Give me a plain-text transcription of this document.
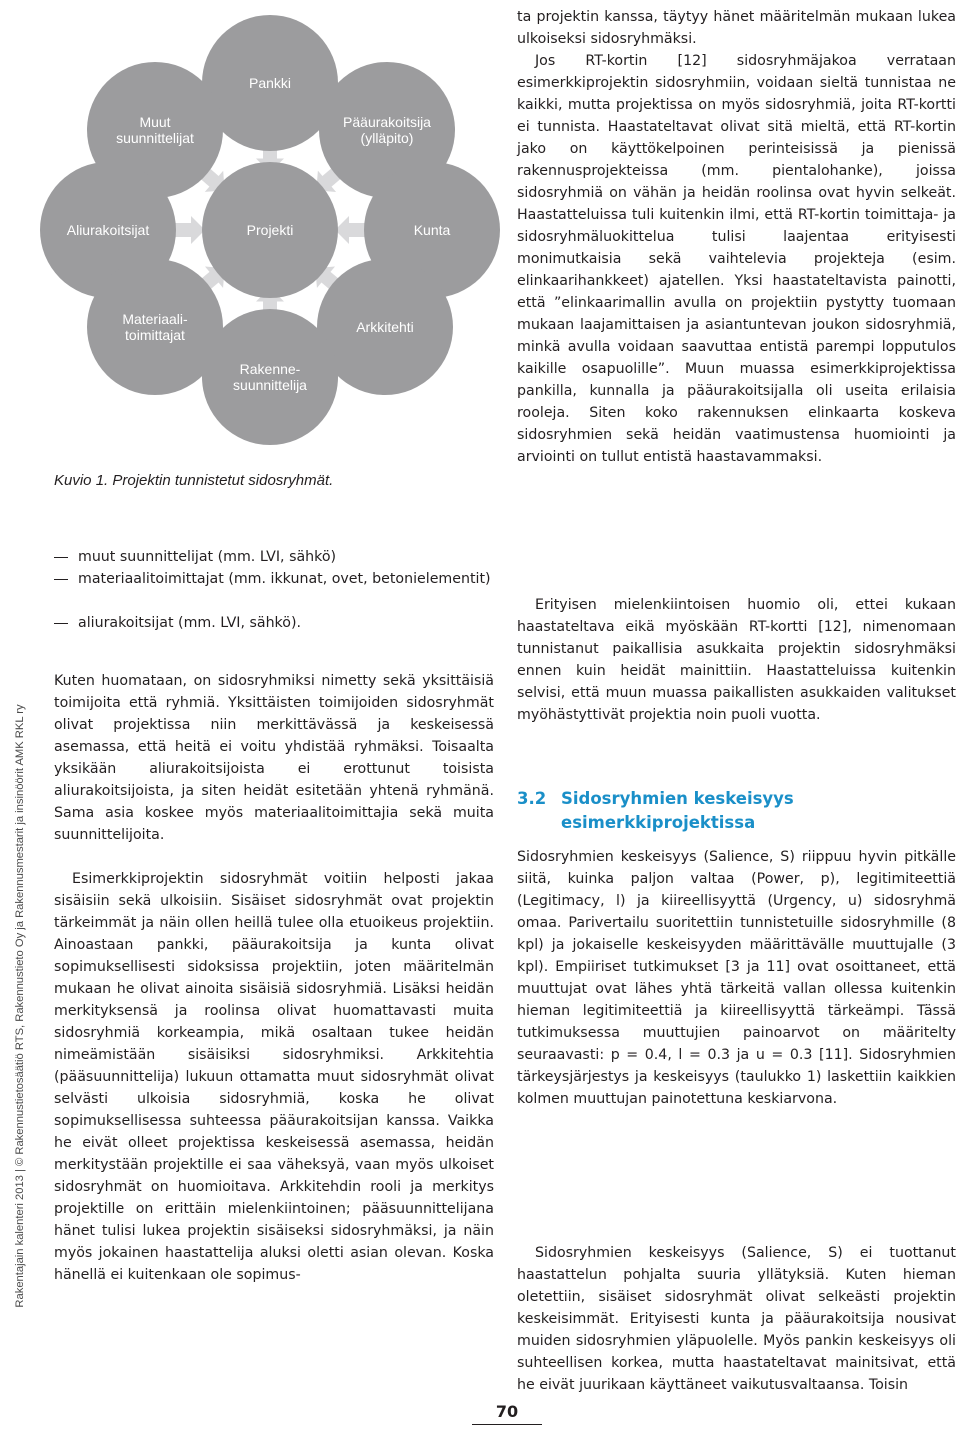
Rakentajain kalenteri 2013 | © Rakennustietosäätiö RTS, Rakennustieto Oy ja Rakennusmestarit ja insinöörit AMK RKL ry
Pankki
Muut
suunnittelijat
Pääurakoitsija
(ylläpito)
Aliurakoitsijat	Projekti	Kunta
Materiaali-
toimittajat	Arkkitehti
Rakenne-
suunnittelija
Kuvio 1. Projektin tunnistetut sidosryhmät.

muut suunnittelijat (mm. LVI, sähkö)

materiaalitoimittajat (mm. ikkunat, ovet, betonielementit)

aliurakoitsijat (mm. LVI, sähkö).

Kuten huomataan, on sidosryhmiksi nimetty sekä yksittäisiä toimijoita että ryhmiä. Yksittäisten toimijoiden sidosryhmät olivat projektissa niin merkittävässä ja keskeisessä asemassa, että heitä ei voitu yhdistää ryhmäksi. Toisaalta yksikään aliurakoitsijoista ei erottunut toisista aliurakoitsijoista, ja siten heidät esitetään yhtenä ryhmänä. Sama asia koskee myös materiaalitoimittajia sekä muita suunnittelijoita.

Esimerkkiprojektin sidosryhmät voitiin helposti jakaa sisäisiin sekä ulkoisiin. Sisäiset sidosryhmät ovat projektin tärkeimmät ja näin ollen heillä tulee olla etuoikeus projektiin. Ainoastaan pankki, pääurakoitsija ja kunta olivat sopimuksellisesti sidoksissa projektiin, joten määritelmän mukaan he olivat ainoita sisäisiä sidosryhmiä. Lisäksi heidän merkityksensä ja roolinsa olivat huomattavasti muita sidosryhmiä korkeampia, mikä osaltaan tukee heidän nimeämistään sisäisiksi sidosryhmiksi. Arkkitehtia (pääsuunnittelija) lukuun ottamatta muut sidosryhmät olivat selvästi ulkoisia sidosryhmiä, koska he olivat sopimuksellisessa suhteessa pääurakoitsijan kanssa. Vaikka he eivät olleet projektissa keskeisessä asemassa, heidän merkitystään projektille ei saa väheksyä, vaan myös ulkoiset sidosryhmät on huomioitava. Arkkitehdin rooli ja merkitys projektille on erittäin mielenkiintoinen; pääsuunnittelijana hänet tulisi lukea projektin sisäiseksi sidosryhmäksi, ja näin myös jokainen haastattelija aluksi oletti asian olevan. Koska hänellä ei kuitenkaan ole sopimus-

ta projektin kanssa, täytyy hänet määritelmän mukaan lukea ulkoiseksi sidosryhmäksi.

Jos RT-kortin [12] sidosryhmäjakoa verrataan esimerkkiprojektin sidosryhmiin, voidaan sieltä tunnistaa ne kaikki, mutta projektissa on myös sidosryhmiä, joita RT-kortti ei tunnista. Haastateltavat olivat sitä mieltä, että RT-kortin jako on käyttökelpoinen perinteisissä ja pienissä rakennusprojekteissa (mm. pientalohanke), joissa sidosryhmiä on vähän ja heidän roolinsa ovat hyvin selkeät. Haastatteluissa tuli kuitenkin ilmi, että RT-kortin toimittaja- ja sidosryhmäluokittelua tulisi laajentaa erityisesti monimutkaisia sekä vaihtelevia projekteja (esim. elinkaarihankkeet) ajatellen. Yksi haastateltavista painotti, että ”elinkaarimallin avulla on projektiin pystytty tuomaan mukaan laajamittaisen ja asiantuntevan joukon sidosryhmiä, minkä avulla voidaan saavuttaa entistä parempi lopputulos kaikille osapuolille”. Muun muassa esimerkkiprojektissa pankilla, kunnalla ja pääurakoitsijalla oli useita erilaisia rooleja. Siten koko rakennuksen elinkaarta koskeva sidosryhmien sekä heidän vaatimustensa huomiointi ja arviointi on tullut entistä haastavammaksi.

Erityisen mielenkiintoisen huomio oli, ettei kukaan haastateltava eikä myöskään RT-kortti [12], nimenomaan tunnistanut paikallisia asukkaita projektin sidosryhmäksi ennen kuin heidät mainittiin. Haastatteluissa kuitenkin selvisi, että muun muassa paikallisten asukkaiden valitukset myöhästyttivät projektia noin puoli vuotta.

3.2 Sidosryhmien keskeisyys esimerkkiprojektissa

Sidosryhmien keskeisyys (Salience, S) riippuu hyvin pitkälle siitä, kuinka paljon valtaa (Power, p), legitimiteettiä (Legitimacy, l) ja kiireellisyyttä (Urgency, u) sidosryhmä omaa. Parivertailu suoritettiin tunnistetuille sidosryhmille (8 kpl) ja jokaiselle keskeisyyden määrittävälle muuttujalle (3 kpl). Empiiriset tutkimukset [3 ja 11] ovat osoittaneet, että muuttujat ovat lähes yhtä tärkeitä vallan ollessa kuitenkin hieman legitimiteettiä ja kiireellisyyttä tärkeämpi. Tässä tutkimuksessa muuttujien painoarvot on määritelty seuraavasti: p = 0.4, l = 0.3 ja u = 0.3 [11]. Sidosryhmien tärkeysjärjestys ja keskeisyys (taulukko 1) laskettiin kaikkien kolmen muuttujan painotettuna keskiarvona.

Sidosryhmien keskeisyys (Salience, S) ei tuottanut haastattelun pohjalta suuria yllätyksiä. Kuten hieman oletettiin, sisäiset sidosryhmät olivat selkeästi projektin keskeisimmät. Erityisesti kunta ja pääurakoitsija nousivat muiden sidosryhmien yläpuolelle. Myös pankin keskeisyys oli suhteellisen korkea, mutta haastateltavat mainitsivat, että he eivät juurikaan käyttäneet vaikutusvaltaansa. Toisin

70
